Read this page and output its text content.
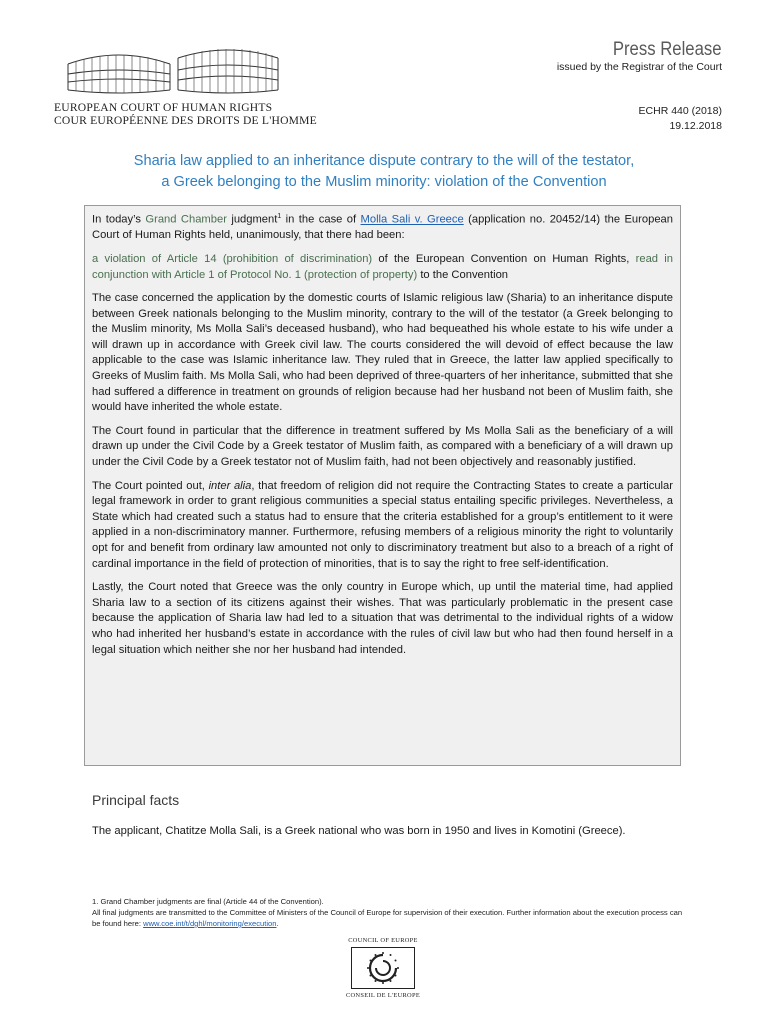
EUROPEAN COURT OF HUMAN RIGHTS
COUR EUROPÉENNE DES DROITS DE L'HOMME
Press Release
issued by the Registrar of the Court
ECHR 440 (2018)
19.12.2018
Sharia law applied to an inheritance dispute contrary to the will of the testator,
a Greek belonging to the Muslim minority: violation of the Convention

In today’s Grand Chamber judgment$^1$ in the case of Molla Sali v. Greece (application no. 20452/14) the European Court of Human Rights held, unanimously, that there had been:

a violation of Article 14 (prohibition of discrimination) of the European Convention on Human Rights, read in conjunction with Article 1 of Protocol No. 1 (protection of property) to the Convention

The case concerned the application by the domestic courts of Islamic religious law (Sharia) to an inheritance dispute between Greek nationals belonging to the Muslim minority, contrary to the will of the testator (a Greek belonging to the Muslim minority, Ms Molla Sali’s deceased husband), who had bequeathed his whole estate to his wife under a will drawn up in accordance with Greek civil law. The courts considered the will devoid of effect because the law applicable to the case was Islamic inheritance law. They ruled that in Greece, the latter law applied specifically to Greeks of Muslim faith. Ms Molla Sali, who had been deprived of three-quarters of her inheritance, submitted that she had suffered a difference in treatment on grounds of religion because had her husband not been of Muslim faith, she would have inherited the whole estate.

The Court found in particular that the difference in treatment suffered by Ms Molla Sali as the beneficiary of a will drawn up under the Civil Code by a Greek testator of Muslim faith, as compared with a beneficiary of a will drawn up under the Civil Code by a Greek testator not of Muslim faith, had not been objectively and reasonably justified.

The Court pointed out, inter alia, that freedom of religion did not require the Contracting States to create a particular legal framework in order to grant religious communities a special status entailing specific privileges. Nevertheless, a State which had created such a status had to ensure that the criteria established for a group’s entitlement to it were applied in a non-discriminatory manner. Furthermore, refusing members of a religious minority the right to voluntarily opt for and benefit from ordinary law amounted not only to discriminatory treatment but also to a breach of a right of cardinal importance in the field of protection of minorities, that is to say the right to free self-identification.

Lastly, the Court noted that Greece was the only country in Europe which, up until the material time, had applied Sharia law to a section of its citizens against their wishes. That was particularly problematic in the present case because the application of Sharia law had led to a situation that was detrimental to the individual rights of a widow who had inherited her husband’s estate in accordance with the rules of civil law but who had then found herself in a legal situation which neither she nor her husband had intended.

Principal facts
The applicant, Chatitze Molla Sali, is a Greek national who was born in 1950 and lives in Komotini (Greece).

1. Grand Chamber judgments are final (Article 44 of the Convention).

All final judgments are transmitted to the Committee of Ministers of the Council of Europe for supervision of their execution. Further information about the execution process can be found here: www.coe.int/t/dghl/monitoring/execution.

COUNCIL OF EUROPE
CONSEIL DE L'EUROPE
